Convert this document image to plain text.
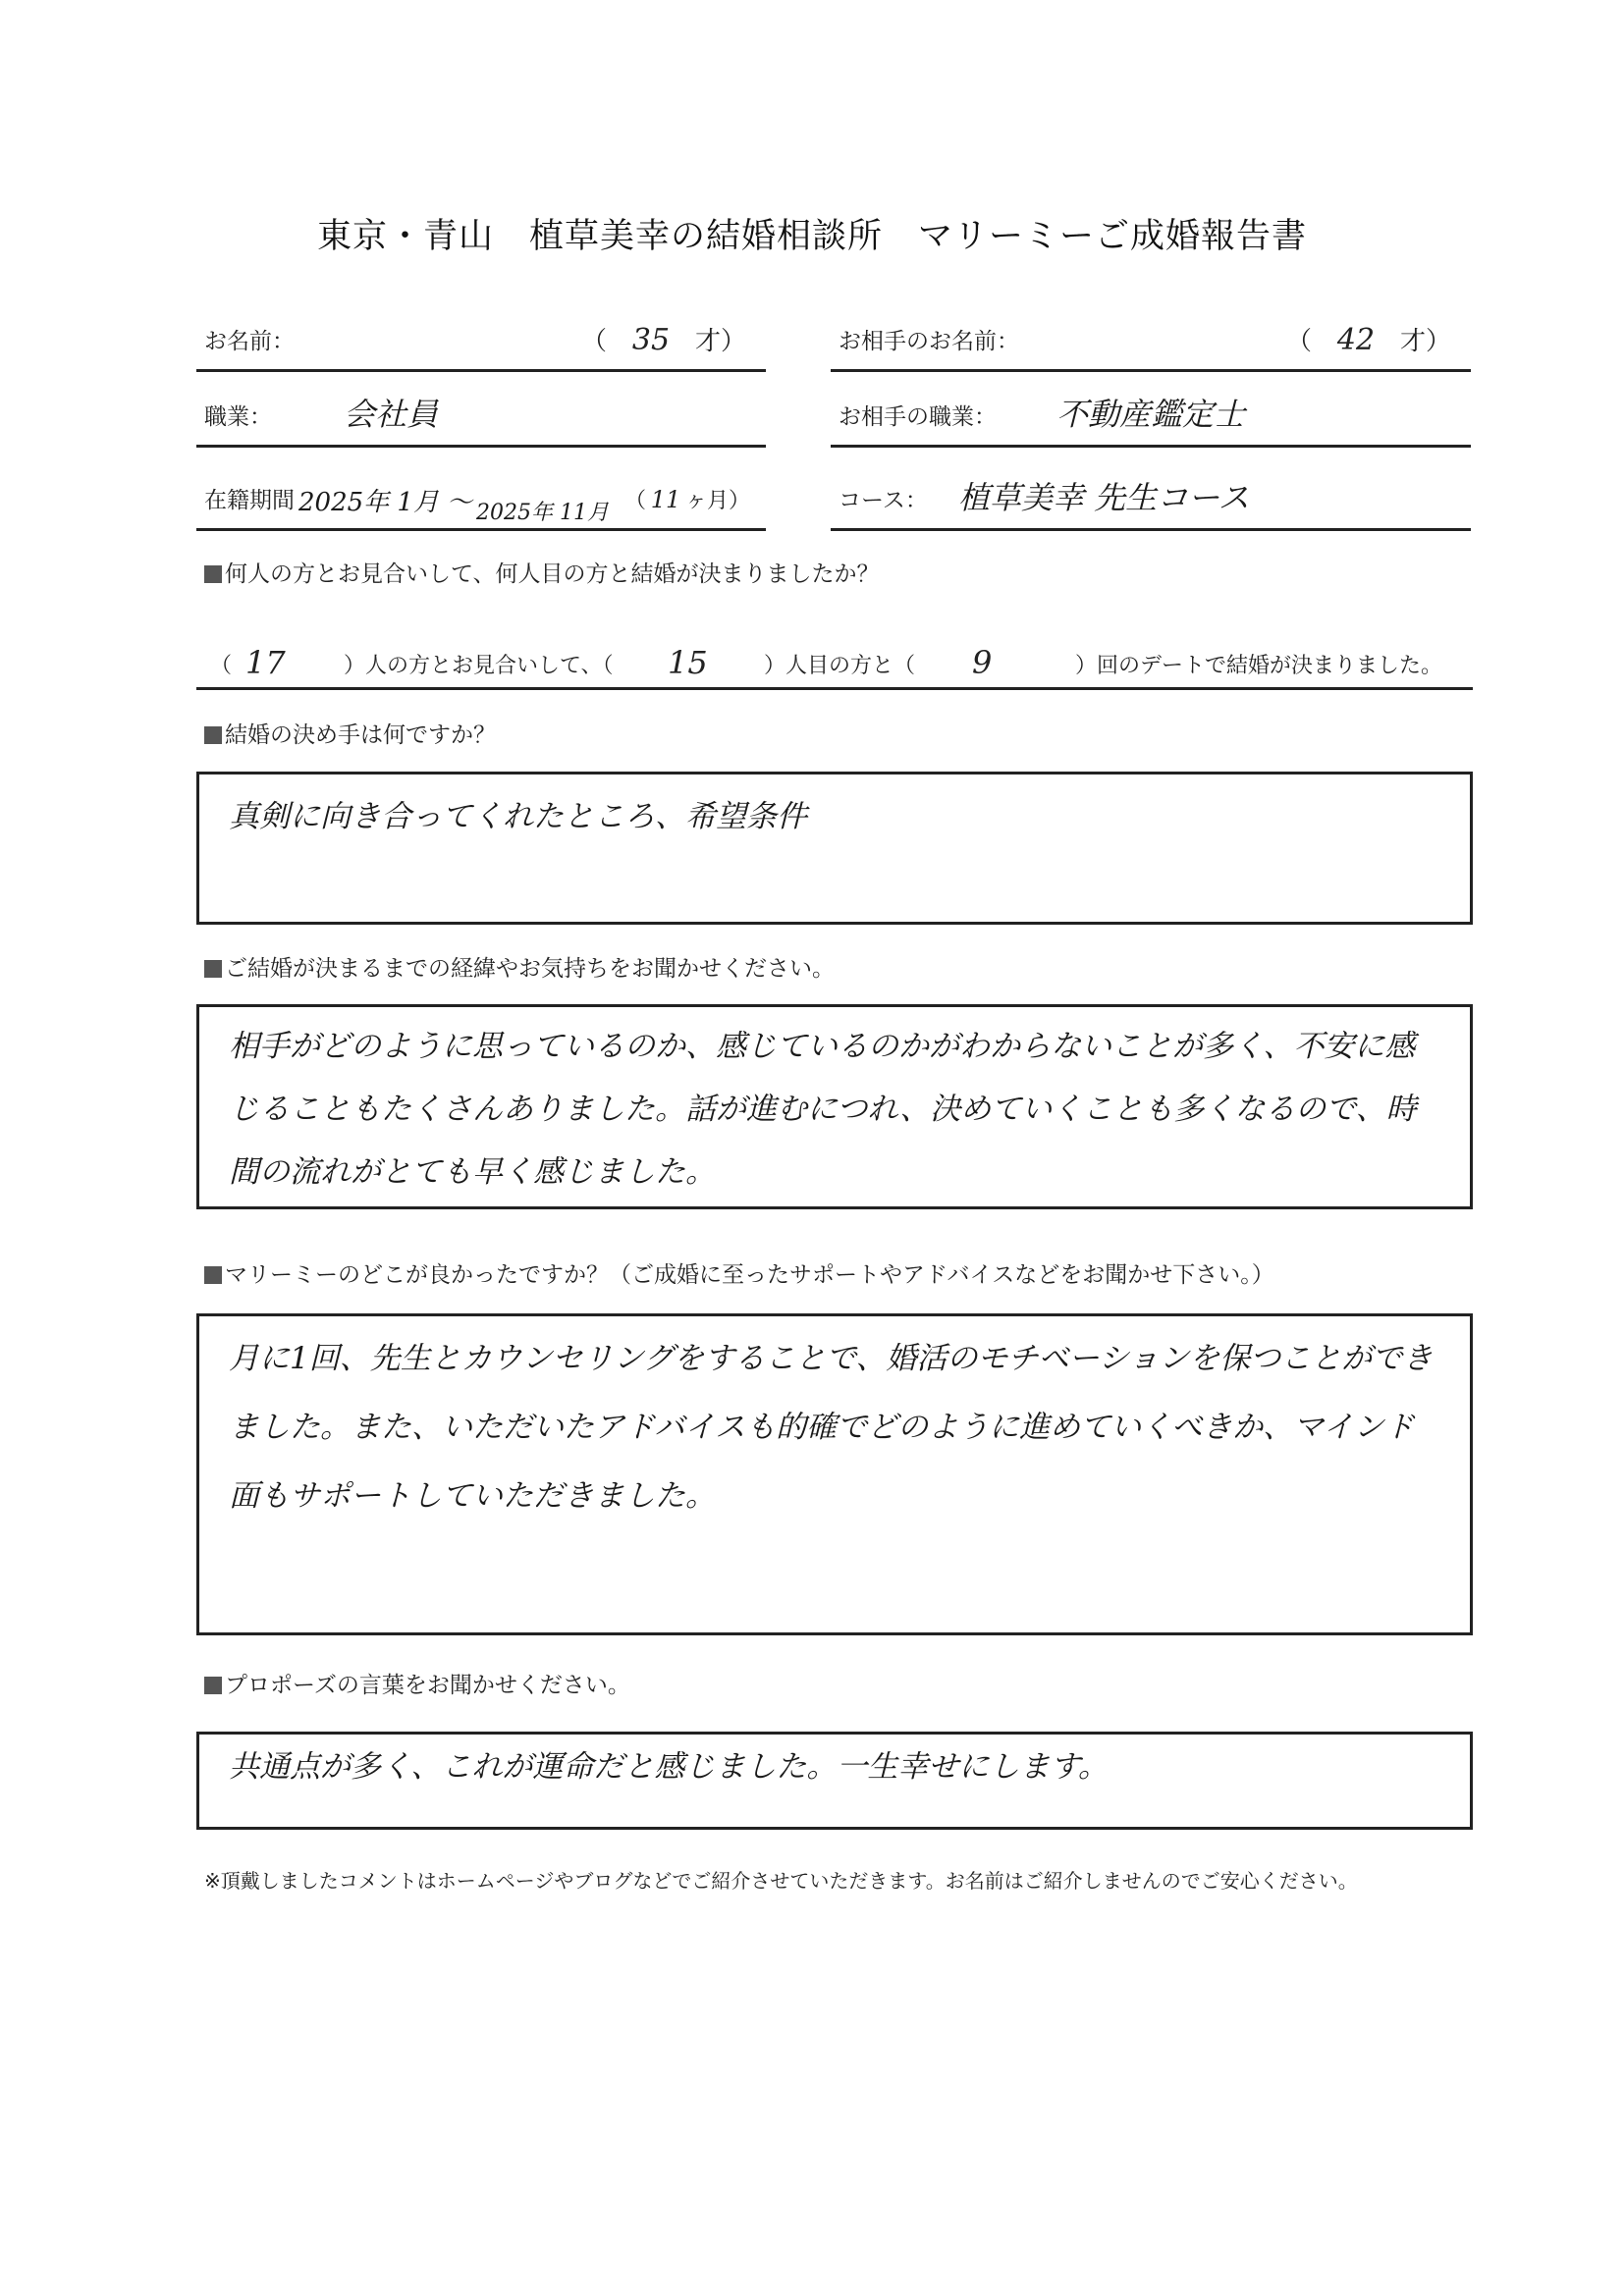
東京・青山　植草美幸の結婚相談所　マリーミーご成婚報告書
お名前：	（ 35 才）
職業： 会社員
在籍期間 2025年 1月 ～ 2025年 11月 （ 11 ヶ月）
お相手のお名前：	（ 42 才）
お相手の職業： 不動産鑑定士
コース： 植草美幸 先生コース
何人の方とお見合いして、何人目の方と結婚が決まりましたか？
（ 17	）人の方とお見合いして、（ 15	）人目の方と（ 9	）回のデートで結婚が決まりました。
結婚の決め手は何ですか？
真剣に向き合ってくれたところ、希望条件
ご結婚が決まるまでの経緯やお気持ちをお聞かせください。
相手がどのように思っているのか、感じているのかがわからないことが多く、不安に感じることもたくさんありました。話が進むにつれ、決めていくことも多くなるので、時間の流れがとても早く感じました。
マリーミーのどこが良かったですか？（ご成婚に至ったサポートやアドバイスなどをお聞かせ下さい。）
月に1回、先生とカウンセリングをすることで、婚活のモチベーションを保つことができました。また、いただいたアドバイスも的確でどのように進めていくべきか、マインド面もサポートしていただきました。
プロポーズの言葉をお聞かせください。
共通点が多く、これが運命だと感じました。一生幸せにします。
※頂戴しましたコメントはホームページやブログなどでご紹介させていただきます。お名前はご紹介しませんのでご安心ください。
